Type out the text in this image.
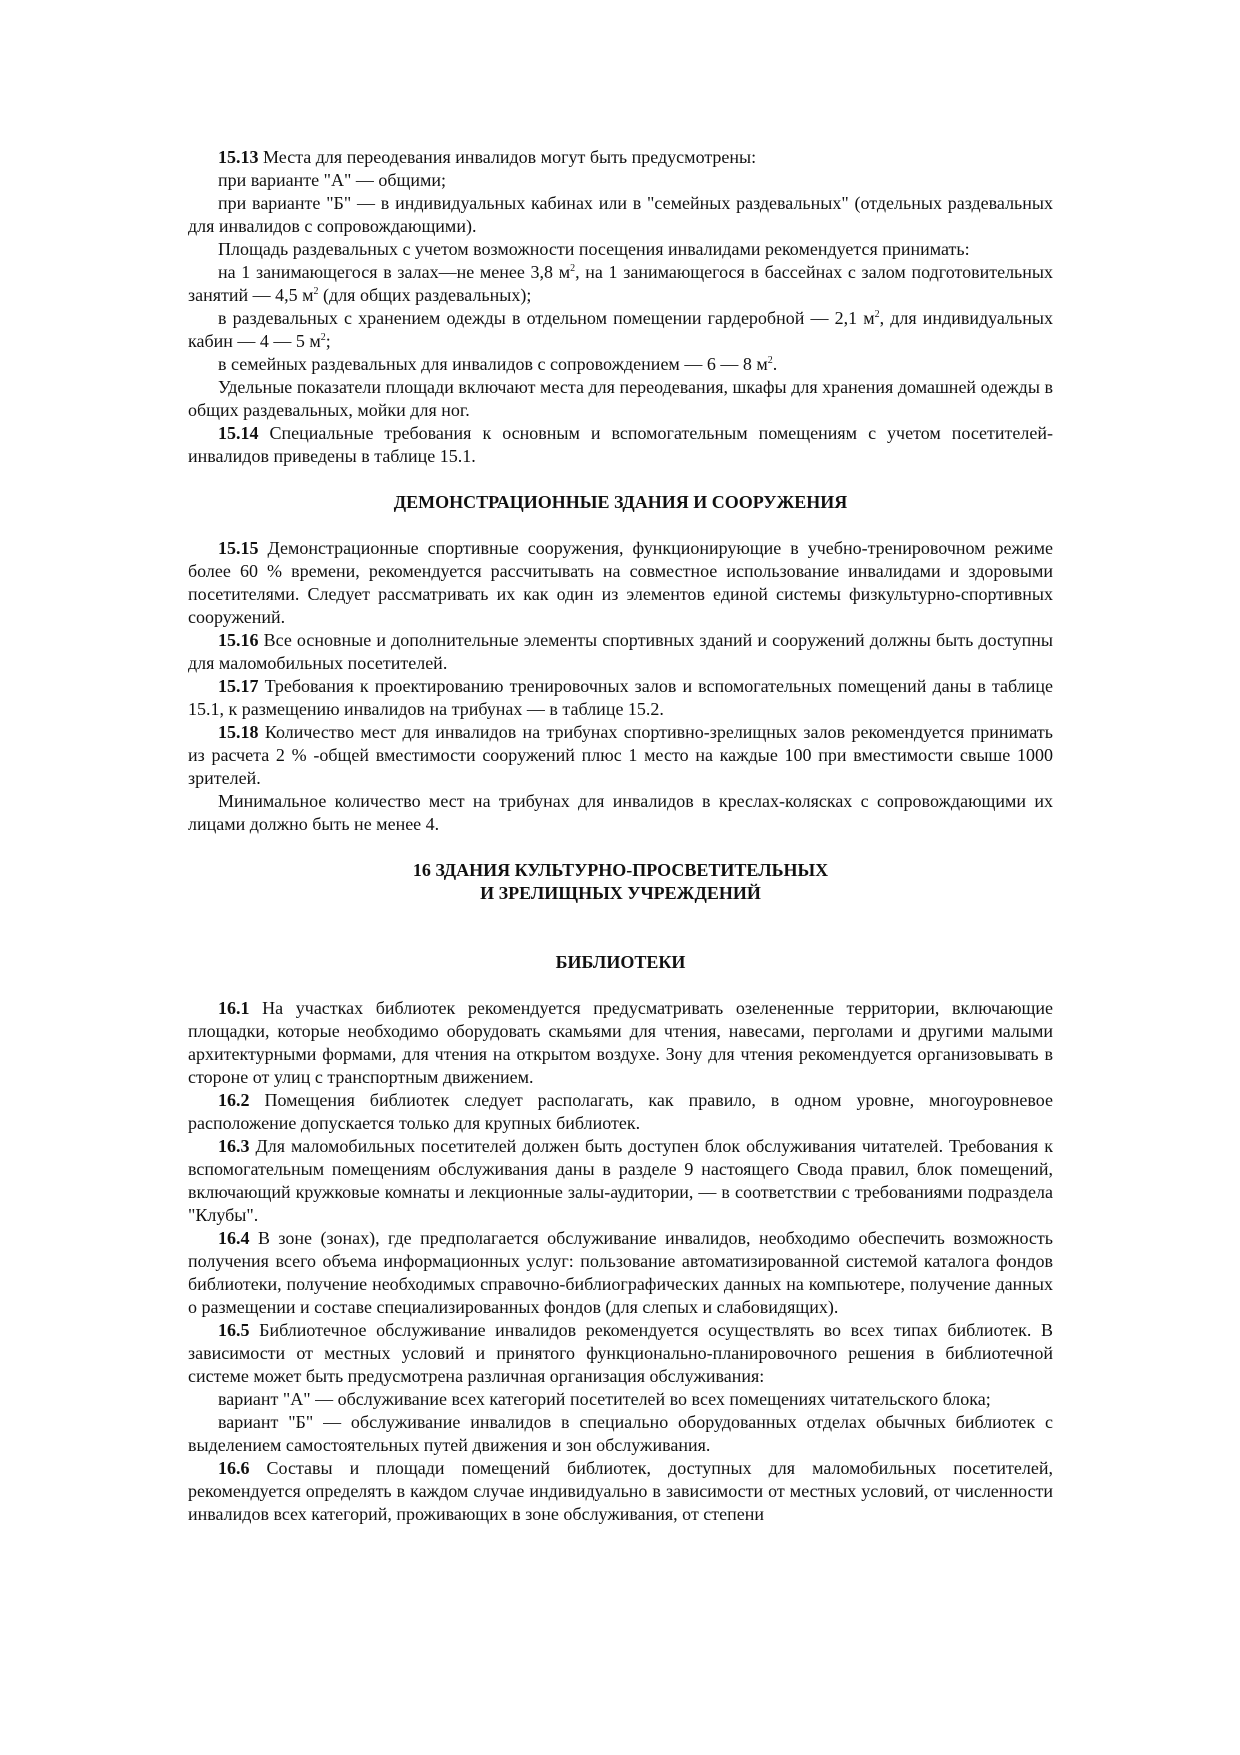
15.13 Места для переодевания инвалидов могут быть предусмотрены:

при варианте "А" — общими;

при варианте "Б" — в индивидуальных кабинах или в "семейных раздевальных" (отдельных раздевальных для инвалидов с сопровождающими).

Площадь раздевальных с учетом возможности посещения инвалидами рекомендуется принимать:

на 1 занимающегося в залах—не менее 3,8 $м^2$, на 1 занимающегося в бассейнах с залом подготовительных занятий — 4,5 $м^2$ (для общих раздевальных);

в раздевальных с хранением одежды в отдельном помещении гардеробной — 2,1 $м^2$, для индивидуальных кабин — 4 — 5 $м^2$;

в семейных раздевальных для инвалидов с сопровождением — 6 — 8 $м^2$.

Удельные показатели площади включают места для переодевания, шкафы для хранения домашней одежды в общих раздевальных, мойки для ног.

15.14 Специальные требования к основным и вспомогательным помещениям с учетом посетителей-инвалидов приведены в таблице 15.1.

ДЕМОНСТРАЦИОННЫЕ ЗДАНИЯ И СООРУЖЕНИЯ

15.15 Демонстрационные спортивные сооружения, функционирующие в учебно-тренировочном режиме более 60 % времени, рекомендуется рассчитывать на совместное использование инвалидами и здоровыми посетителями. Следует рассматривать их как один из элементов единой системы физкультурно-спортивных сооружений.

15.16 Все основные и дополнительные элементы спортивных зданий и сооружений должны быть доступны для маломобильных посетителей.

15.17 Требования к проектированию тренировочных залов и вспомогательных помещений даны в таблице 15.1, к размещению инвалидов на трибунах — в таблице 15.2.

15.18 Количество мест для инвалидов на трибунах спортивно-зрелищных залов рекомендуется принимать из расчета 2 % -общей вместимости сооружений плюс 1 место на каждые 100 при вместимости свыше 1000 зрителей.

Минимальное количество мест на трибунах для инвалидов в креслах-колясках с сопровождающими их лицами должно быть не менее 4.

16 ЗДАНИЯ КУЛЬТУРНО-ПРОСВЕТИТЕЛЬНЫХ
И ЗРЕЛИЩНЫХ УЧРЕЖДЕНИЙ
БИБЛИОТЕКИ

16.1 На участках библиотек рекомендуется предусматривать озелененные территории, включающие площадки, которые необходимо оборудовать скамьями для чтения, навесами, перголами и другими малыми архитектурными формами, для чтения на открытом воздухе. Зону для чтения рекомендуется организовывать в стороне от улиц с транспортным движением.

16.2 Помещения библиотек следует располагать, как правило, в одном уровне, многоуровневое расположение допускается только для крупных библиотек.

16.3 Для маломобильных посетителей должен быть доступен блок обслуживания читателей. Требования к вспомогательным помещениям обслуживания даны в разделе 9 настоящего Свода правил, блок помещений, включающий кружковые комнаты и лекционные залы-аудитории, — в соответствии с требованиями подраздела "Клубы".

16.4 В зоне (зонах), где предполагается обслуживание инвалидов, необходимо обеспечить возможность получения всего объема информационных услуг: пользование автоматизированной системой каталога фондов библиотеки, получение необходимых справочно-библиографических данных на компьютере, получение данных о размещении и составе специализированных фондов (для слепых и слабовидящих).

16.5 Библиотечное обслуживание инвалидов рекомендуется осуществлять во всех типах библиотек. В зависимости от местных условий и принятого функционально-планировочного решения в библиотечной системе может быть предусмотрена различная организация обслуживания:

вариант "А" — обслуживание всех категорий посетителей во всех помещениях читательского блока;

вариант "Б" — обслуживание инвалидов в специально оборудованных отделах обычных библиотек с выделением самостоятельных путей движения и зон обслуживания.

16.6 Составы и площади помещений библиотек, доступных для маломобильных посетителей, рекомендуется определять в каждом случае индивидуально в зависимости от местных условий, от численности инвалидов всех категорий, проживающих в зоне обслуживания, от степени
